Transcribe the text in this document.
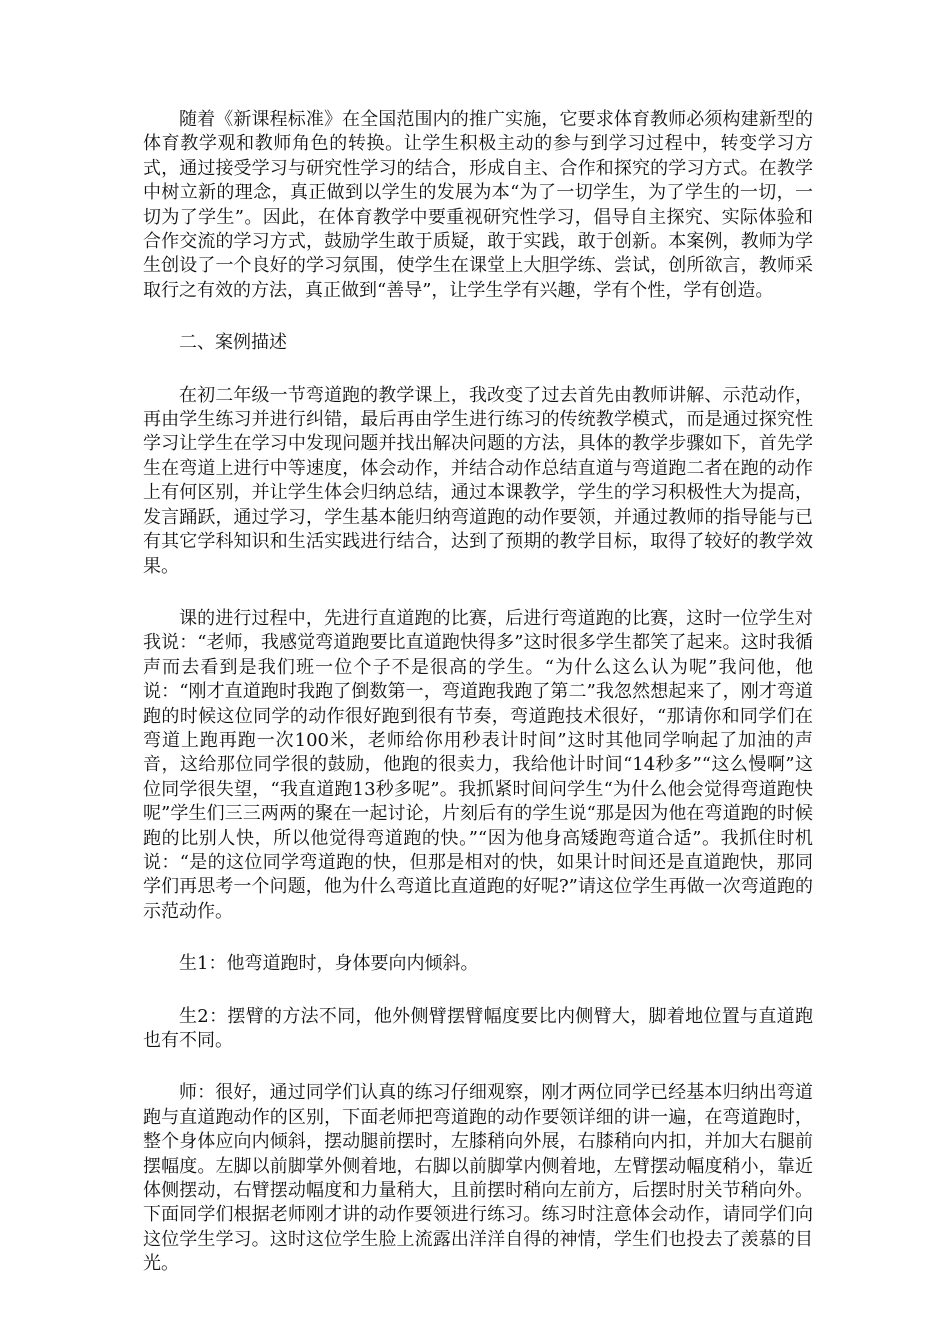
随着《新课程标准》在全国范围内的推广实施，它要求体育教师必须构建新型的体育教学观和教师角色的转换。让学生积极主动的参与到学习过程中，转变学习方式，通过接受学习与研究性学习的结合，形成自主、合作和探究的学习方式。在教学中树立新的理念，真正做到以学生的发展为本“为了一切学生，为了学生的一切，一切为了学生”。因此，在体育教学中要重视研究性学习，倡导自主探究、实际体验和合作交流的学习方式，鼓励学生敢于质疑，敢于实践，敢于创新。本案例，教师为学生创设了一个良好的学习氛围，使学生在课堂上大胆学练、尝试，创所欲言，教师采取行之有效的方法，真正做到“善导”，让学生学有兴趣，学有个性，学有创造。

二、案例描述

在初二年级一节弯道跑的教学课上，我改变了过去首先由教师讲解、示范动作，再由学生练习并进行纠错，最后再由学生进行练习的传统教学模式，而是通过探究性学习让学生在学习中发现问题并找出解决问题的方法，具体的教学步骤如下，首先学生在弯道上进行中等速度，体会动作，并结合动作总结直道与弯道跑二者在跑的动作上有何区别，并让学生体会归纳总结，通过本课教学，学生的学习积极性大为提高，发言踊跃，通过学习，学生基本能归纳弯道跑的动作要领，并通过教师的指导能与已有其它学科知识和生活实践进行结合，达到了预期的教学目标，取得了较好的教学效果。

课的进行过程中，先进行直道跑的比赛，后进行弯道跑的比赛，这时一位学生对我说：“老师，我感觉弯道跑要比直道跑快得多”这时很多学生都笑了起来。这时我循声而去看到是我们班一位个子不是很高的学生。“为什么这么认为呢”我问他，他说：“刚才直道跑时我跑了倒数第一，弯道跑我跑了第二”我忽然想起来了，刚才弯道跑的时候这位同学的动作很好跑到很有节奏，弯道跑技术很好，“那请你和同学们在弯道上跑再跑一次100米，老师给你用秒表计时间”这时其他同学响起了加油的声音，这给那位同学很的鼓励，他跑的很卖力，我给他计时间“14秒多”“这么慢啊”这位同学很失望，“我直道跑13秒多呢”。我抓紧时间问学生“为什么他会觉得弯道跑快呢”学生们三三两两的聚在一起讨论，片刻后有的学生说“那是因为他在弯道跑的时候跑的比别人快，所以他觉得弯道跑的快。”“因为他身高矮跑弯道合适”。我抓住时机说：“是的这位同学弯道跑的快，但那是相对的快，如果计时间还是直道跑快，那同学们再思考一个问题，他为什么弯道比直道跑的好呢?”请这位学生再做一次弯道跑的示范动作。

生1：他弯道跑时，身体要向内倾斜。

生2：摆臂的方法不同，他外侧臂摆臂幅度要比内侧臂大，脚着地位置与直道跑也有不同。

师：很好，通过同学们认真的练习仔细观察，刚才两位同学已经基本归纳出弯道跑与直道跑动作的区别，下面老师把弯道跑的动作要领详细的讲一遍，在弯道跑时，整个身体应向内倾斜，摆动腿前摆时，左膝稍向外展，右膝稍向内扣，并加大右腿前摆幅度。左脚以前脚掌外侧着地，右脚以前脚掌内侧着地，左臂摆动幅度稍小，靠近体侧摆动，右臂摆动幅度和力量稍大，且前摆时稍向左前方，后摆时肘关节稍向外。下面同学们根据老师刚才讲的动作要领进行练习。练习时注意体会动作，请同学们向这位学生学习。这时这位学生脸上流露出洋洋自得的神情，学生们也投去了羡慕的目光。
